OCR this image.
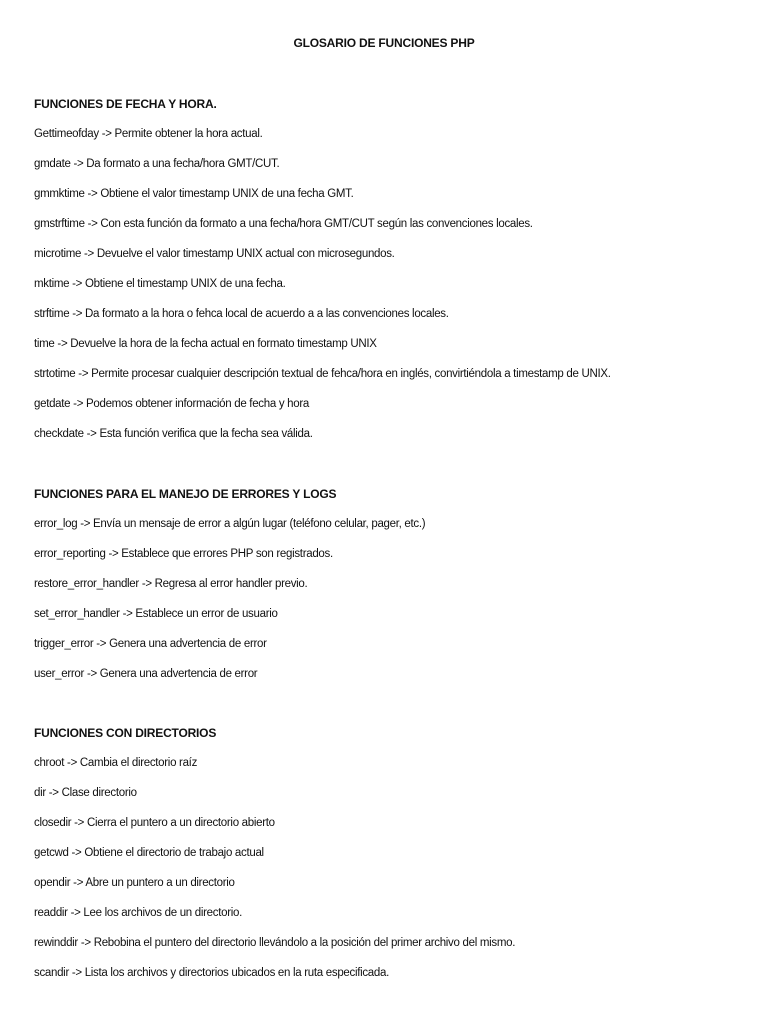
GLOSARIO DE FUNCIONES PHP
FUNCIONES DE FECHA Y HORA.
Gettimeofday -> Permite obtener la hora actual.
gmdate -> Da formato a una fecha/hora GMT/CUT.
gmmktime -> Obtiene el valor timestamp UNIX de una fecha GMT.
gmstrftime -> Con esta función da formato a una fecha/hora GMT/CUT según las convenciones locales.
microtime -> Devuelve el valor timestamp UNIX actual con microsegundos.
mktime -> Obtiene el timestamp UNIX de una fecha.
strftime -> Da formato a la hora o fehca local de acuerdo a a las convenciones locales.
time -> Devuelve la hora de la fecha actual en formato timestamp UNIX
strtotime -> Permite procesar cualquier descripción textual de fehca/hora en inglés, convirtiéndola a timestamp de UNIX.
getdate -> Podemos obtener información de fecha y hora
checkdate -> Esta función verifica que la fecha sea válida.
FUNCIONES PARA EL MANEJO DE ERRORES Y LOGS
error_log -> Envía un mensaje de error a algún lugar (teléfono celular, pager, etc.)
error_reporting -> Establece que errores PHP son registrados.
restore_error_handler -> Regresa al error handler previo.
set_error_handler -> Establece un error de usuario
trigger_error -> Genera una advertencia de error
user_error -> Genera una advertencia de error
FUNCIONES CON DIRECTORIOS
chroot -> Cambia el directorio raíz
dir -> Clase directorio
closedir -> Cierra el puntero a un directorio abierto
getcwd -> Obtiene el directorio de trabajo actual
opendir -> Abre un puntero a un directorio
readdir -> Lee los archivos de un directorio.
rewinddir -> Rebobina el puntero del directorio llevándolo a la posición del primer archivo del mismo.
scandir -> Lista los archivos y directorios ubicados en la ruta especificada.
